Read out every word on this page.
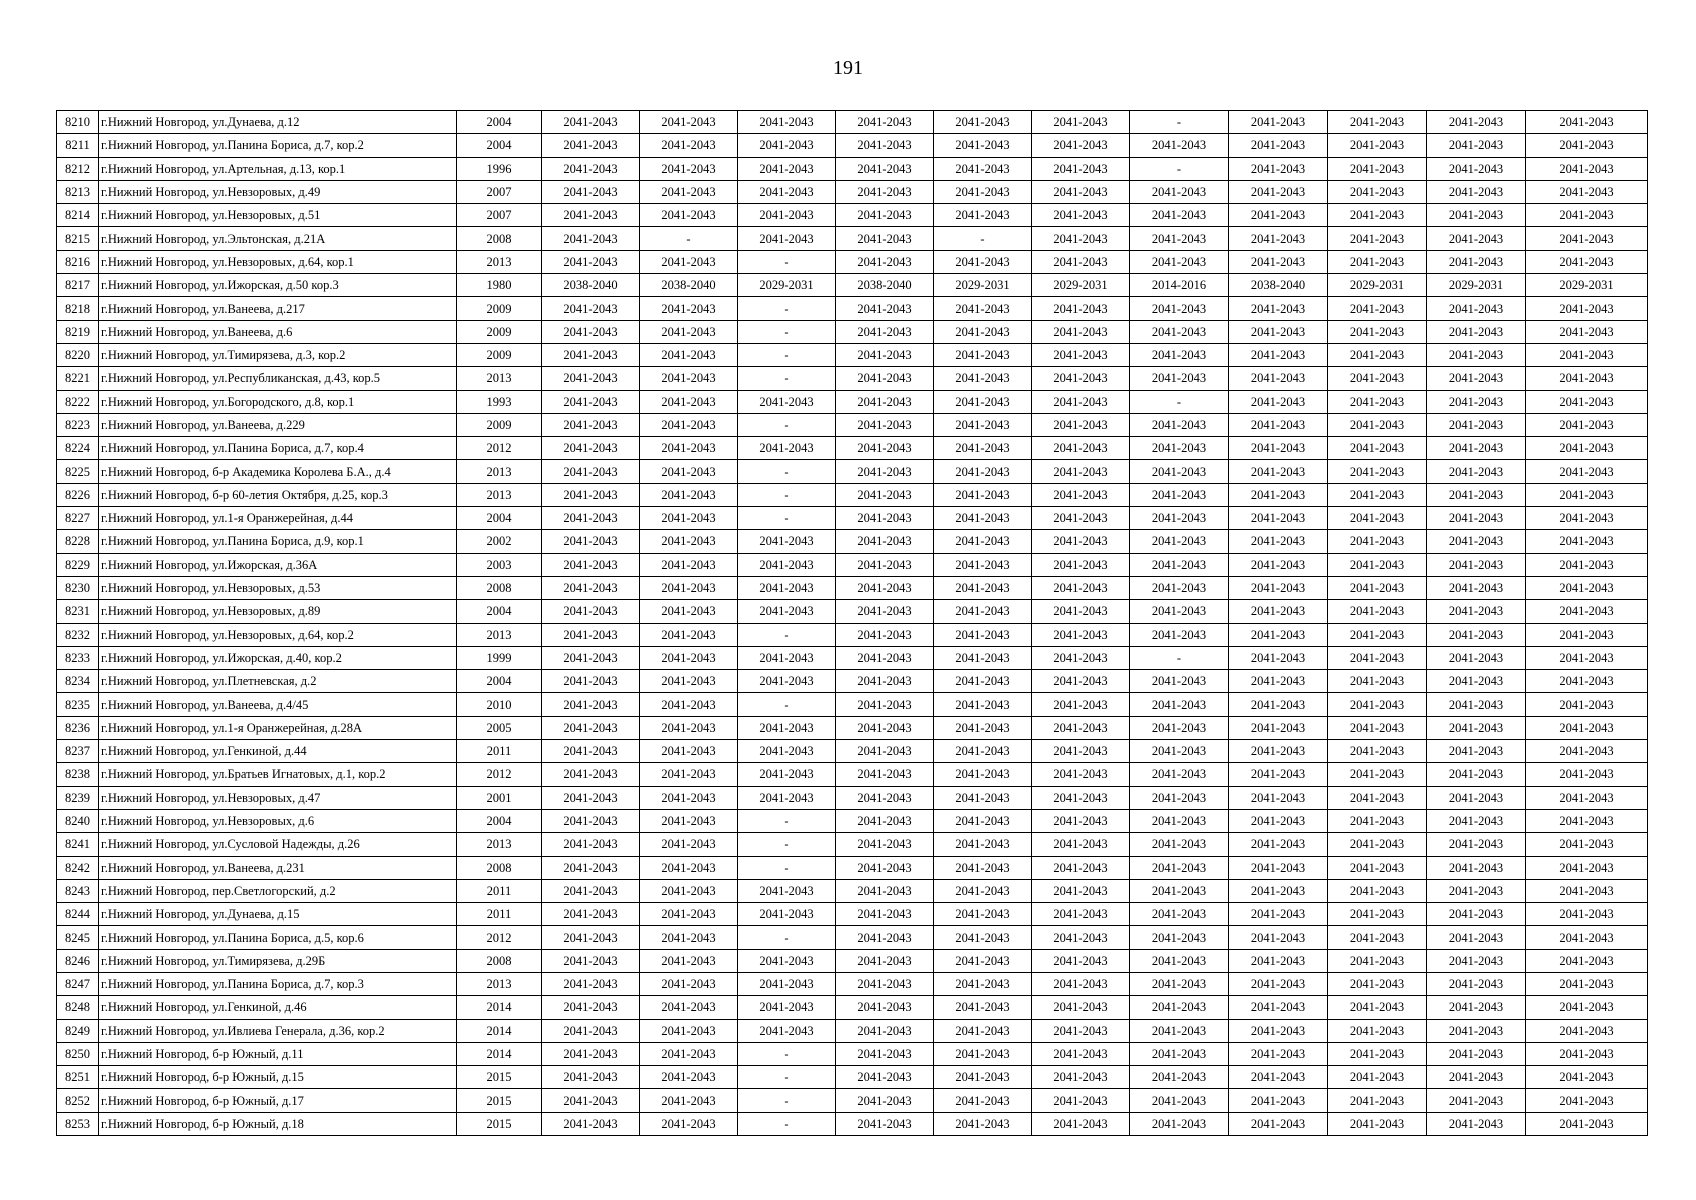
191
8210	г.Нижний Новгород, ул.Дунаева, д.12	2004	2041-2043	2041-2043	2041-2043	2041-2043	2041-2043	2041-2043	-	2041-2043	2041-2043	2041-2043	2041-2043
8211	г.Нижний Новгород, ул.Панина Бориса, д.7, кор.2	2004	2041-2043	2041-2043	2041-2043	2041-2043	2041-2043	2041-2043	2041-2043	2041-2043	2041-2043	2041-2043	2041-2043
8212	г.Нижний Новгород, ул.Артельная, д.13, кор.1	1996	2041-2043	2041-2043	2041-2043	2041-2043	2041-2043	2041-2043	-	2041-2043	2041-2043	2041-2043	2041-2043
8213	г.Нижний Новгород, ул.Невзоровых, д.49	2007	2041-2043	2041-2043	2041-2043	2041-2043	2041-2043	2041-2043	2041-2043	2041-2043	2041-2043	2041-2043	2041-2043
8214	г.Нижний Новгород, ул.Невзоровых, д.51	2007	2041-2043	2041-2043	2041-2043	2041-2043	2041-2043	2041-2043	2041-2043	2041-2043	2041-2043	2041-2043	2041-2043
8215	г.Нижний Новгород, ул.Эльтонская, д.21А	2008	2041-2043	-	2041-2043	2041-2043	-	2041-2043	2041-2043	2041-2043	2041-2043	2041-2043	2041-2043
8216	г.Нижний Новгород, ул.Невзоровых, д.64, кор.1	2013	2041-2043	2041-2043	-	2041-2043	2041-2043	2041-2043	2041-2043	2041-2043	2041-2043	2041-2043	2041-2043
8217	г.Нижний Новгород, ул.Ижорская, д.50 кор.3	1980	2038-2040	2038-2040	2029-2031	2038-2040	2029-2031	2029-2031	2014-2016	2038-2040	2029-2031	2029-2031	2029-2031
8218	г.Нижний Новгород, ул.Ванеева, д.217	2009	2041-2043	2041-2043	-	2041-2043	2041-2043	2041-2043	2041-2043	2041-2043	2041-2043	2041-2043	2041-2043
8219	г.Нижний Новгород, ул.Ванеева, д.6	2009	2041-2043	2041-2043	-	2041-2043	2041-2043	2041-2043	2041-2043	2041-2043	2041-2043	2041-2043	2041-2043
8220	г.Нижний Новгород, ул.Тимирязева, д.3, кор.2	2009	2041-2043	2041-2043	-	2041-2043	2041-2043	2041-2043	2041-2043	2041-2043	2041-2043	2041-2043	2041-2043
8221	г.Нижний Новгород, ул.Республиканская, д.43, кор.5	2013	2041-2043	2041-2043	-	2041-2043	2041-2043	2041-2043	2041-2043	2041-2043	2041-2043	2041-2043	2041-2043
8222	г.Нижний Новгород, ул.Богородского, д.8, кор.1	1993	2041-2043	2041-2043	2041-2043	2041-2043	2041-2043	2041-2043	-	2041-2043	2041-2043	2041-2043	2041-2043
8223	г.Нижний Новгород, ул.Ванеева, д.229	2009	2041-2043	2041-2043	-	2041-2043	2041-2043	2041-2043	2041-2043	2041-2043	2041-2043	2041-2043	2041-2043
8224	г.Нижний Новгород, ул.Панина Бориса, д.7, кор.4	2012	2041-2043	2041-2043	2041-2043	2041-2043	2041-2043	2041-2043	2041-2043	2041-2043	2041-2043	2041-2043	2041-2043
8225	г.Нижний Новгород, б-р Академика Королева Б.А., д.4	2013	2041-2043	2041-2043	-	2041-2043	2041-2043	2041-2043	2041-2043	2041-2043	2041-2043	2041-2043	2041-2043
8226	г.Нижний Новгород, б-р 60-летия Октября, д.25, кор.3	2013	2041-2043	2041-2043	-	2041-2043	2041-2043	2041-2043	2041-2043	2041-2043	2041-2043	2041-2043	2041-2043
8227	г.Нижний Новгород, ул.1-я Оранжерейная, д.44	2004	2041-2043	2041-2043	-	2041-2043	2041-2043	2041-2043	2041-2043	2041-2043	2041-2043	2041-2043	2041-2043
8228	г.Нижний Новгород, ул.Панина Бориса, д.9, кор.1	2002	2041-2043	2041-2043	2041-2043	2041-2043	2041-2043	2041-2043	2041-2043	2041-2043	2041-2043	2041-2043	2041-2043
8229	г.Нижний Новгород, ул.Ижорская, д.36А	2003	2041-2043	2041-2043	2041-2043	2041-2043	2041-2043	2041-2043	2041-2043	2041-2043	2041-2043	2041-2043	2041-2043
8230	г.Нижний Новгород, ул.Невзоровых, д.53	2008	2041-2043	2041-2043	2041-2043	2041-2043	2041-2043	2041-2043	2041-2043	2041-2043	2041-2043	2041-2043	2041-2043
8231	г.Нижний Новгород, ул.Невзоровых, д.89	2004	2041-2043	2041-2043	2041-2043	2041-2043	2041-2043	2041-2043	2041-2043	2041-2043	2041-2043	2041-2043	2041-2043
8232	г.Нижний Новгород, ул.Невзоровых, д.64, кор.2	2013	2041-2043	2041-2043	-	2041-2043	2041-2043	2041-2043	2041-2043	2041-2043	2041-2043	2041-2043	2041-2043
8233	г.Нижний Новгород, ул.Ижорская, д.40, кор.2	1999	2041-2043	2041-2043	2041-2043	2041-2043	2041-2043	2041-2043	-	2041-2043	2041-2043	2041-2043	2041-2043
8234	г.Нижний Новгород, ул.Плетневская, д.2	2004	2041-2043	2041-2043	2041-2043	2041-2043	2041-2043	2041-2043	2041-2043	2041-2043	2041-2043	2041-2043	2041-2043
8235	г.Нижний Новгород, ул.Ванеева, д.4/45	2010	2041-2043	2041-2043	-	2041-2043	2041-2043	2041-2043	2041-2043	2041-2043	2041-2043	2041-2043	2041-2043
8236	г.Нижний Новгород, ул.1-я Оранжерейная, д.28А	2005	2041-2043	2041-2043	2041-2043	2041-2043	2041-2043	2041-2043	2041-2043	2041-2043	2041-2043	2041-2043	2041-2043
8237	г.Нижний Новгород, ул.Генкиной, д.44	2011	2041-2043	2041-2043	2041-2043	2041-2043	2041-2043	2041-2043	2041-2043	2041-2043	2041-2043	2041-2043	2041-2043
8238	г.Нижний Новгород, ул.Братьев Игнатовых, д.1, кор.2	2012	2041-2043	2041-2043	2041-2043	2041-2043	2041-2043	2041-2043	2041-2043	2041-2043	2041-2043	2041-2043	2041-2043
8239	г.Нижний Новгород, ул.Невзоровых, д.47	2001	2041-2043	2041-2043	2041-2043	2041-2043	2041-2043	2041-2043	2041-2043	2041-2043	2041-2043	2041-2043	2041-2043
8240	г.Нижний Новгород, ул.Невзоровых, д.6	2004	2041-2043	2041-2043	-	2041-2043	2041-2043	2041-2043	2041-2043	2041-2043	2041-2043	2041-2043	2041-2043
8241	г.Нижний Новгород, ул.Сусловой Надежды, д.26	2013	2041-2043	2041-2043	-	2041-2043	2041-2043	2041-2043	2041-2043	2041-2043	2041-2043	2041-2043	2041-2043
8242	г.Нижний Новгород, ул.Ванеева, д.231	2008	2041-2043	2041-2043	-	2041-2043	2041-2043	2041-2043	2041-2043	2041-2043	2041-2043	2041-2043	2041-2043
8243	г.Нижний Новгород, пер.Светлогорский, д.2	2011	2041-2043	2041-2043	2041-2043	2041-2043	2041-2043	2041-2043	2041-2043	2041-2043	2041-2043	2041-2043	2041-2043
8244	г.Нижний Новгород, ул.Дунаева, д.15	2011	2041-2043	2041-2043	2041-2043	2041-2043	2041-2043	2041-2043	2041-2043	2041-2043	2041-2043	2041-2043	2041-2043
8245	г.Нижний Новгород, ул.Панина Бориса, д.5, кор.6	2012	2041-2043	2041-2043	-	2041-2043	2041-2043	2041-2043	2041-2043	2041-2043	2041-2043	2041-2043	2041-2043
8246	г.Нижний Новгород, ул.Тимирязева, д.29Б	2008	2041-2043	2041-2043	2041-2043	2041-2043	2041-2043	2041-2043	2041-2043	2041-2043	2041-2043	2041-2043	2041-2043
8247	г.Нижний Новгород, ул.Панина Бориса, д.7, кор.3	2013	2041-2043	2041-2043	2041-2043	2041-2043	2041-2043	2041-2043	2041-2043	2041-2043	2041-2043	2041-2043	2041-2043
8248	г.Нижний Новгород, ул.Генкиной, д.46	2014	2041-2043	2041-2043	2041-2043	2041-2043	2041-2043	2041-2043	2041-2043	2041-2043	2041-2043	2041-2043	2041-2043
8249	г.Нижний Новгород, ул.Ивлиева Генерала, д.36, кор.2	2014	2041-2043	2041-2043	2041-2043	2041-2043	2041-2043	2041-2043	2041-2043	2041-2043	2041-2043	2041-2043	2041-2043
8250	г.Нижний Новгород, б-р Южный, д.11	2014	2041-2043	2041-2043	-	2041-2043	2041-2043	2041-2043	2041-2043	2041-2043	2041-2043	2041-2043	2041-2043
8251	г.Нижний Новгород, б-р Южный, д.15	2015	2041-2043	2041-2043	-	2041-2043	2041-2043	2041-2043	2041-2043	2041-2043	2041-2043	2041-2043	2041-2043
8252	г.Нижний Новгород, б-р Южный, д.17	2015	2041-2043	2041-2043	-	2041-2043	2041-2043	2041-2043	2041-2043	2041-2043	2041-2043	2041-2043	2041-2043
8253	г.Нижний Новгород, б-р Южный, д.18	2015	2041-2043	2041-2043	-	2041-2043	2041-2043	2041-2043	2041-2043	2041-2043	2041-2043	2041-2043	2041-2043
